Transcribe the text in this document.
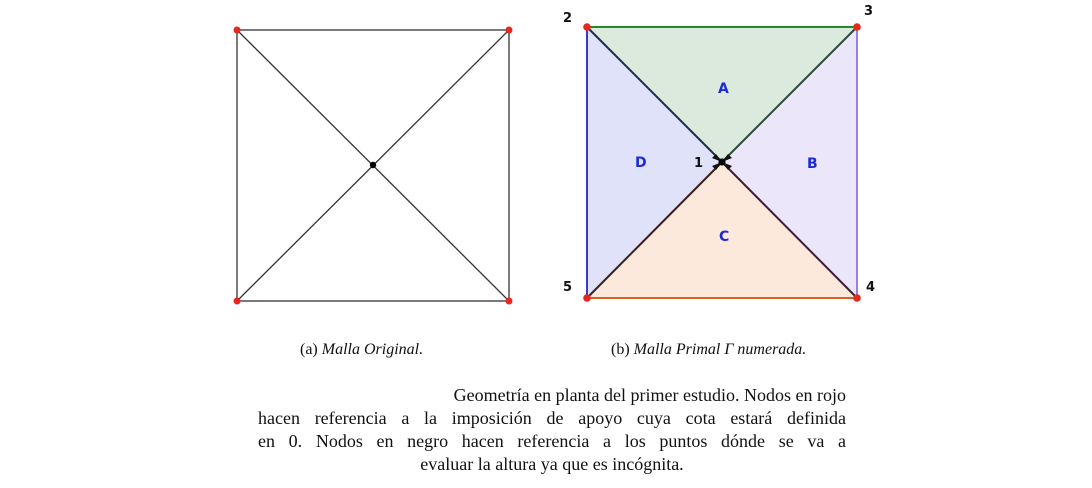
1
2	3
4
5
A
B
C
D
(a) Malla Original.	(b) Malla Primal Γ numerada.
Geometría en planta del primer estudio. Nodos en rojo
hacen referencia a la imposición de apoyo cuya cota estará definida
en 0. Nodos en negro hacen referencia a los puntos dónde se va a
evaluar la altura ya que es incógnita.
